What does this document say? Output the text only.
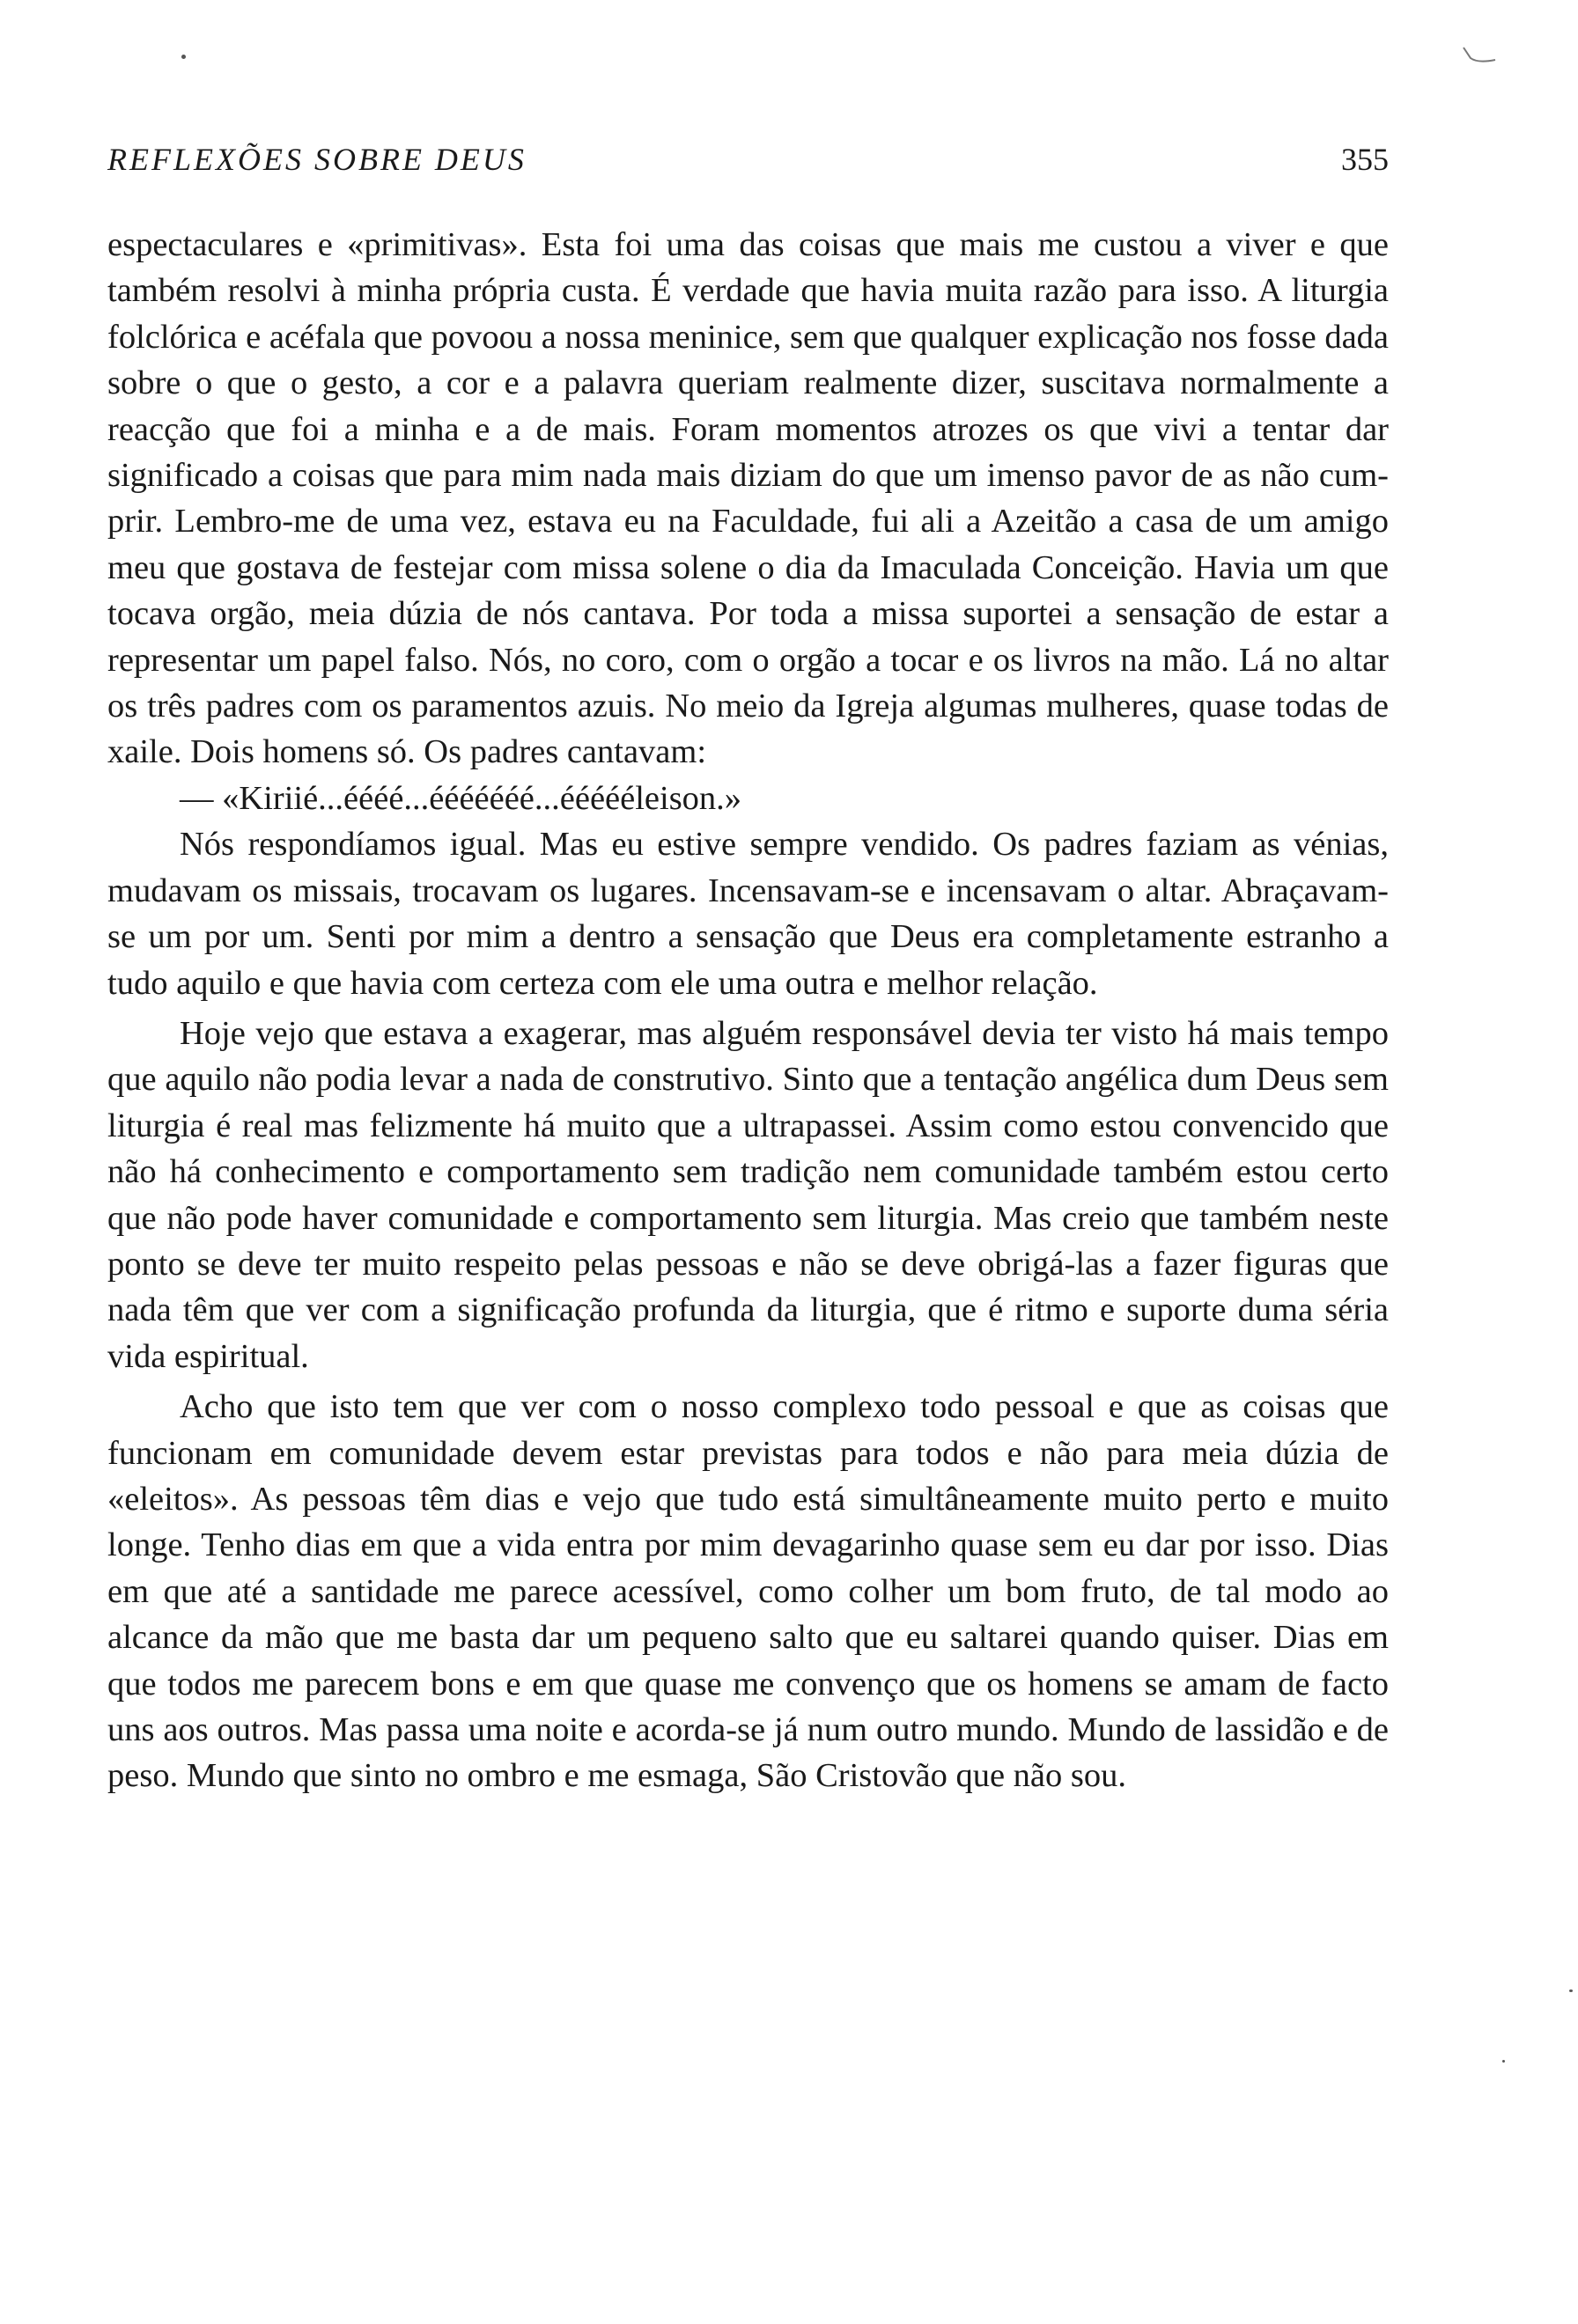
REFLEXÕES SOBRE DEUS	355

espectaculares e «primitivas». Esta foi uma das coisas que mais me custou a viver e que também resolvi à minha própria custa. É verdade que havia muita razão para isso. A liturgia folclórica e acéfala que povoou a nossa meninice, sem que qualquer explicação nos fosse dada sobre o que o gesto, a cor e a palavra queriam realmente dizer, suscitava normalmente a reacção que foi a minha e a de mais. Foram momentos atrozes os que vivi a tentar dar significado a coisas que para mim nada mais diziam do que um imenso pavor de as não cumprir. Lembro-me de uma vez, estava eu na Faculdade, fui ali a Azeitão a casa de um amigo meu que gostava de festejar com missa solene o dia da Imaculada Conceição. Havia um que tocava orgão, meia dúzia de nós cantava. Por toda a missa suportei a sensação de estar a representar um papel falso. Nós, no coro, com o orgão a tocar e os livros na mão. Lá no altar os três padres com os paramentos azuis. No meio da Igreja algumas mulheres, quase todas de xaile. Dois homens só. Os padres cantavam:

— «Kiriié...éééé...ééééééé...éééééleison.»

Nós respondíamos igual. Mas eu estive sempre vendido. Os padres faziam as vénias, mudavam os missais, trocavam os lugares. Incensavam-se e incensavam o altar. Abraçavam-se um por um. Senti por mim a dentro a sensação que Deus era completamente estranho a tudo aquilo e que havia com certeza com ele uma outra e melhor relação.

Hoje vejo que estava a exagerar, mas alguém responsável devia ter visto há mais tempo que aquilo não podia levar a nada de construtivo. Sinto que a tentação angélica dum Deus sem liturgia é real mas felizmente há muito que a ultrapassei. Assim como estou convencido que não há conhecimento e comportamento sem tradição nem comunidade também estou certo que não pode haver comunidade e comportamento sem liturgia. Mas creio que também neste ponto se deve ter muito respeito pelas pessoas e não se deve obrigá-las a fazer figuras que nada têm que ver com a significação profunda da liturgia, que é ritmo e suporte duma séria vida espiritual.

Acho que isto tem que ver com o nosso complexo todo pessoal e que as coisas que funcionam em comunidade devem estar previstas para todos e não para meia dúzia de «eleitos». As pessoas têm dias e vejo que tudo está simultâneamente muito perto e muito longe. Tenho dias em que a vida entra por mim devagarinho quase sem eu dar por isso. Dias em que até a santidade me parece acessível, como colher um bom fruto, de tal modo ao alcance da mão que me basta dar um pequeno salto que eu saltarei quando quiser. Dias em que todos me parecem bons e em que quase me convenço que os homens se amam de facto uns aos outros. Mas passa uma noite e acorda-se já num outro mundo. Mundo de lassidão e de peso. Mundo que sinto no ombro e me esmaga, São Cristovão que não sou.
